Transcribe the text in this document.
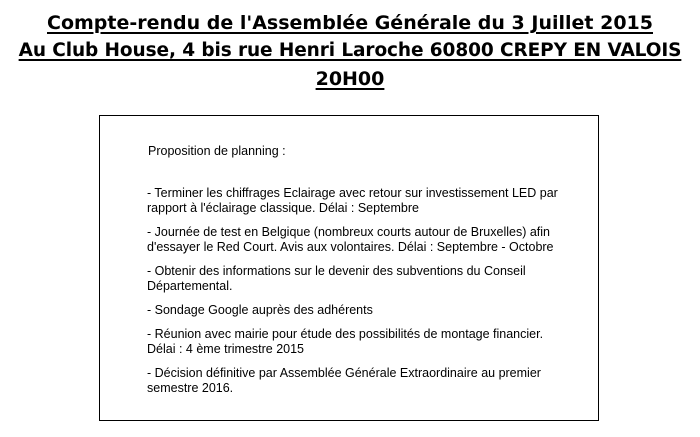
Compte-rendu de l'Assemblée Générale du 3 Juillet 2015
Au Club House, 4 bis rue Henri Laroche 60800 CREPY EN VALOIS
20H00
Proposition de planning :
- Terminer les chiffrages Eclairage avec retour sur investissement LED par
rapport à l'éclairage classique. Délai : Septembre
- Journée de test en Belgique (nombreux courts autour de Bruxelles) afin
d'essayer le Red Court. Avis aux volontaires. Délai : Septembre - Octobre
- Obtenir des informations sur le devenir des subventions du Conseil
Départemental.
- Sondage Google auprès des adhérents
- Réunion avec mairie pour étude des possibilités de montage financier.
Délai : 4 ème trimestre 2015
- Décision définitive par Assemblée Générale Extraordinaire au premier
semestre 2016.
